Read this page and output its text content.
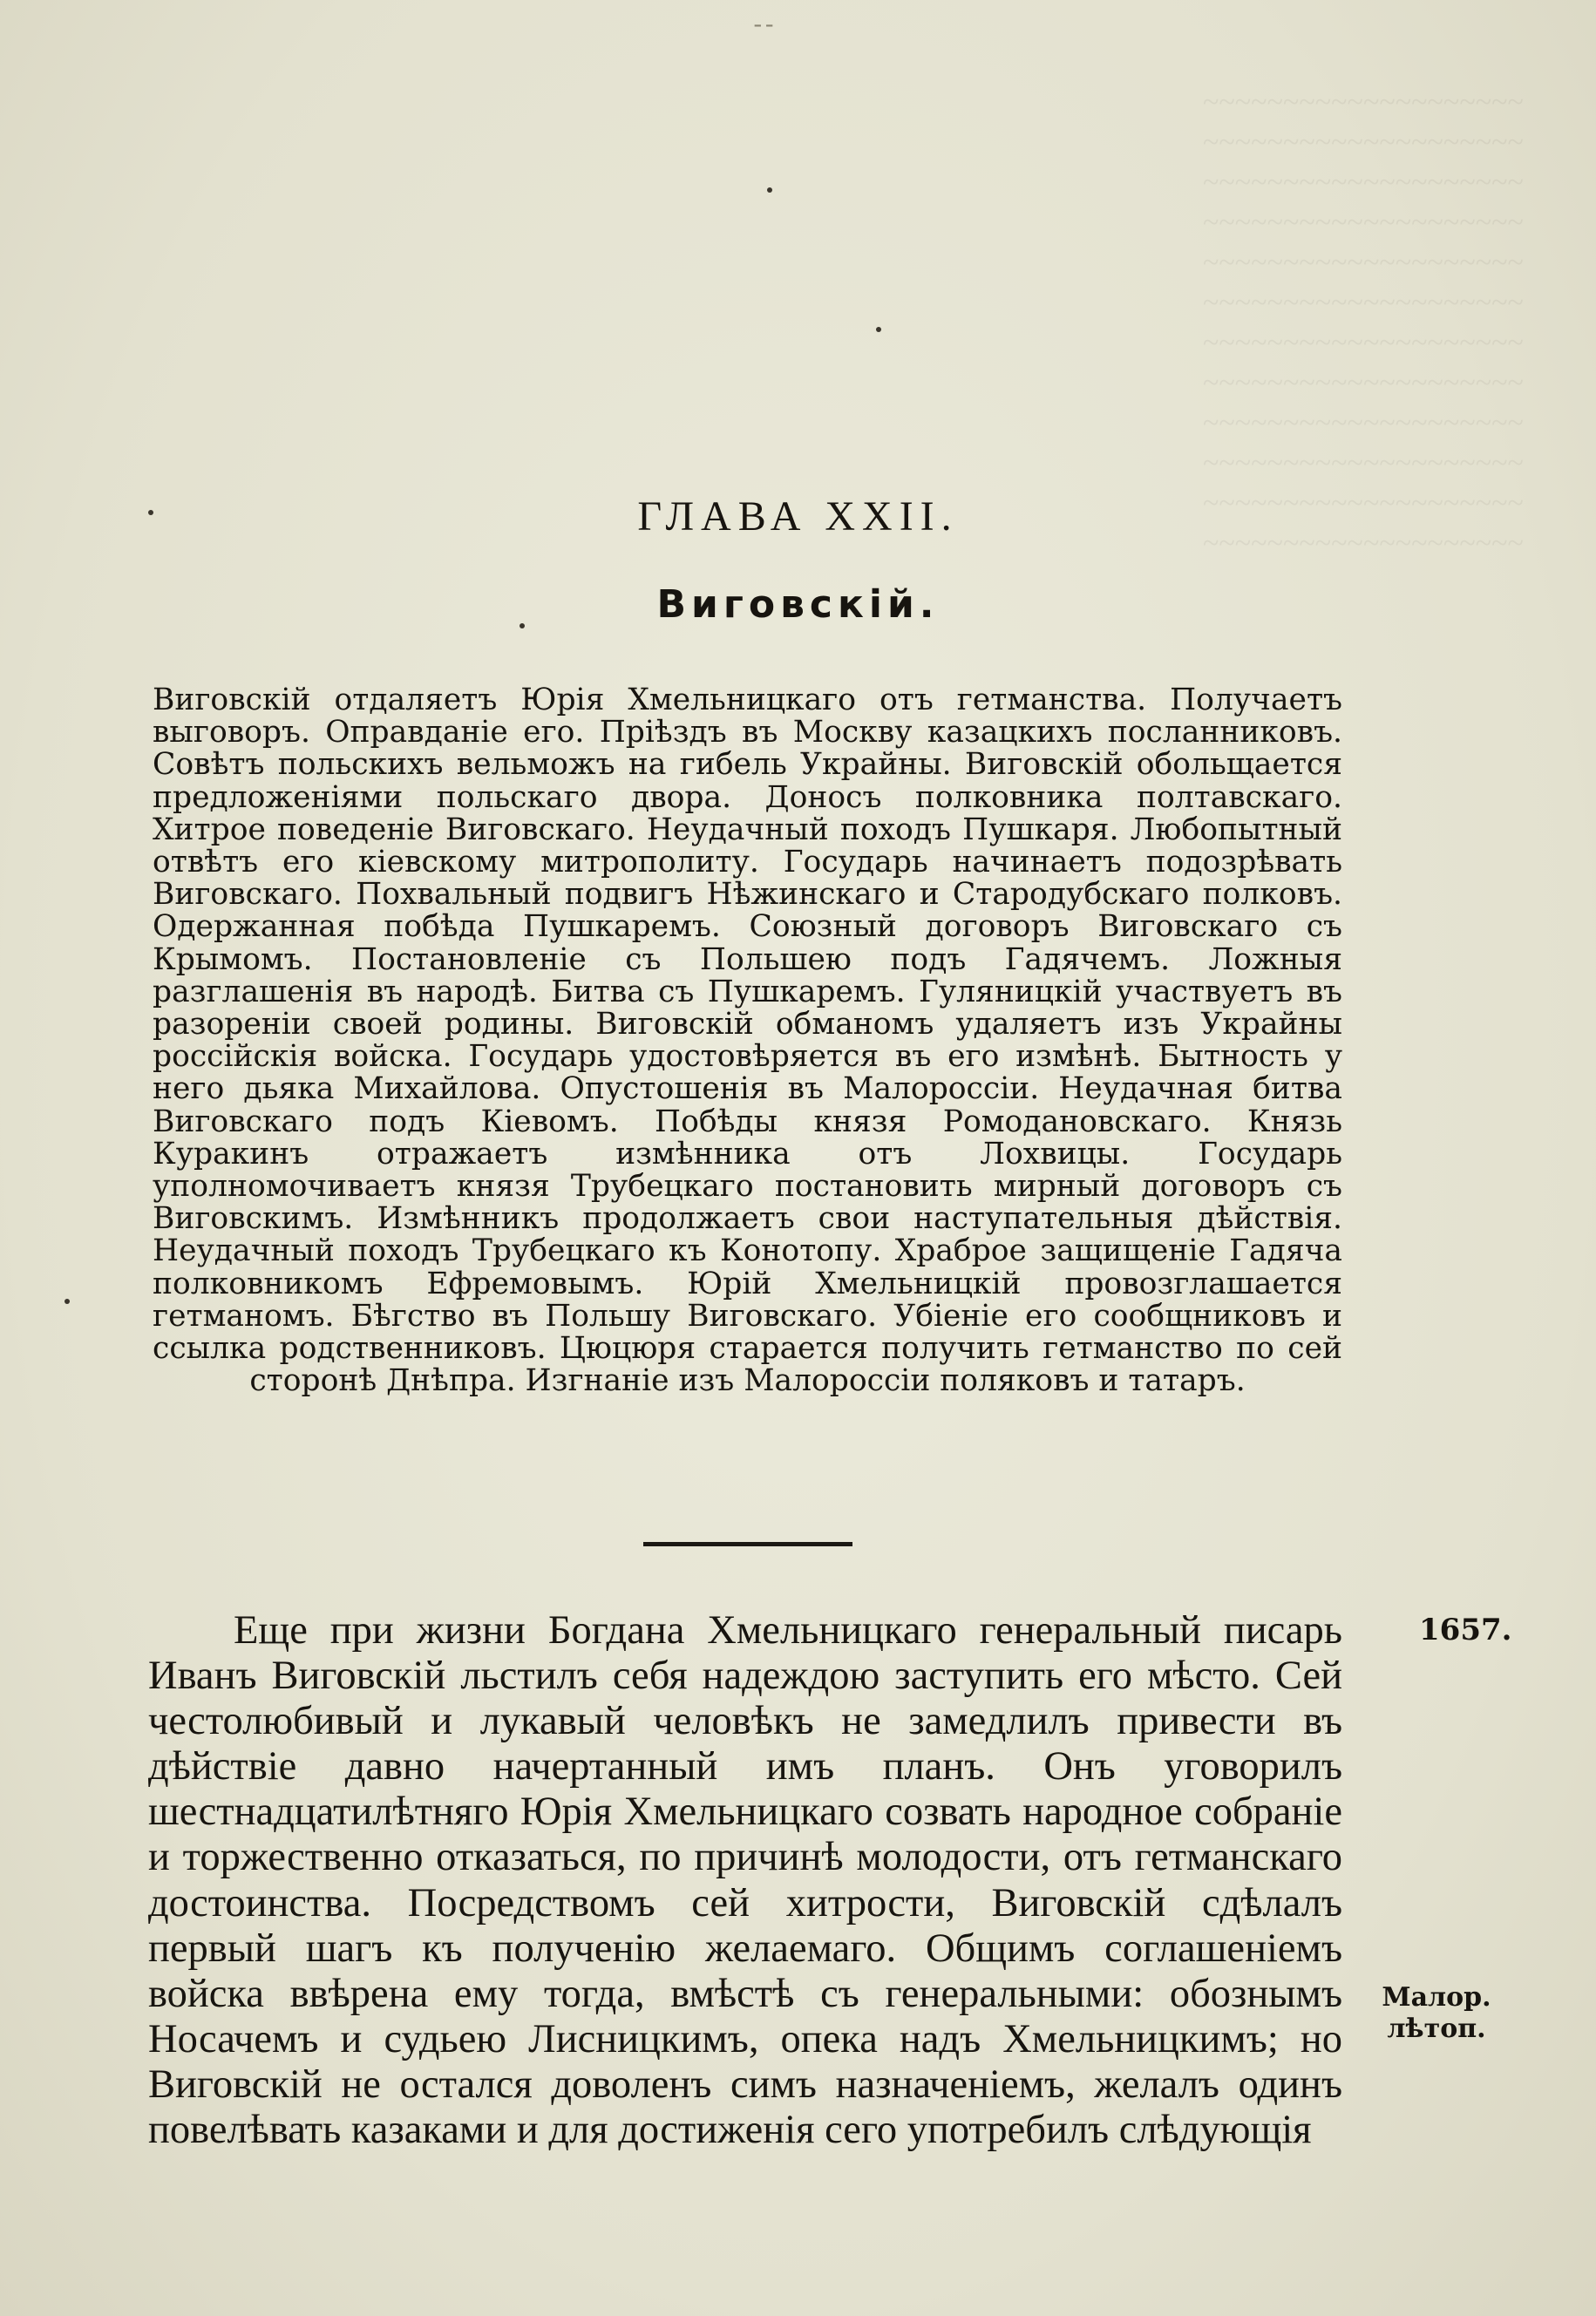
~~~~~~~~~~~~~~~~~~~~
~~~~~~~~~~~~~~~~~~~~
~~~~~~~~~~~~~~~~~~~~
~~~~~~~~~~~~~~~~~~~~
~~~~~~~~~~~~~~~~~~~~
~~~~~~~~~~~~~~~~~~~~
~~~~~~~~~~~~~~~~~~~~
~~~~~~~~~~~~~~~~~~~~
~~~~~~~~~~~~~~~~~~~~
~~~~~~~~~~~~~~~~~~~~
~~~~~~~~~~~~~~~~~~~~
~~~~~~~~~~~~~~~~~~~~
--
ГЛАВА XXII.
Виговскій.

Виговскій отдаляетъ Юрія Хмельницкаго отъ гетманства. Получаетъ выговоръ. Оправданіе его. Пріѣздъ въ Москву казацкихъ посланниковъ. Совѣтъ польскихъ вельможъ на гибель Украйны. Виговскій обольщается предложеніями польскаго двора. Доносъ полковника полтавскаго. Хитрое поведеніе Виговскаго. Неудачный походъ Пушкаря. Любопытный отвѣтъ его кіевскому митрополиту. Государь начинаетъ подозрѣвать Виговскаго. Похвальный подвигъ Нѣжинскаго и Стародубскаго полковъ. Одержанная побѣда Пушкаремъ. Союзный договоръ Виговскаго съ Крымомъ. Постановленіе съ Польшею подъ Гадячемъ. Ложныя разглашенія въ народѣ. Битва съ Пушкаремъ. Гуляницкій участвуетъ въ разореніи своей родины. Виговскій обманомъ удаляетъ изъ Украйны россійскія войска. Государь удостовѣряется въ его измѣнѣ. Бытность у него дьяка Михайлова. Опустошенія въ Малороссіи. Неудачная битва Виговскаго подъ Кіевомъ. Побѣды князя Ромодановскаго. Князь Куракинъ отражаетъ измѣнника отъ Лохвицы. Государь уполномочиваетъ князя Трубецкаго постановить мирный договоръ съ Виговскимъ. Измѣнникъ продолжаетъ свои наступательныя дѣйствія. Неудачный походъ Трубецкаго къ Конотопу. Храброе защищеніе Гадяча полковникомъ Ефремовымъ. Юрій Хмельницкій провозглашается гетманомъ. Бѣгство въ Польшу Виговскаго. Убіеніе его сообщниковъ и ссылка родственниковъ. Цюцюря старается получить гетманство по сей сторонѣ Днѣпра. Изгнаніе изъ Малороссіи поляковъ и татаръ.

Еще при жизни Богдана Хмельницкаго генеральный писарь Иванъ Виговскій льстилъ себя надеждою заступить его мѣсто. Сей честолюбивый и лукавый человѣкъ не замедлилъ привести въ дѣйствіе давно начертанный имъ планъ. Онъ уговорилъ шестнадцатилѣтняго Юрія Хмельницкаго созвать народное собраніе и торжественно отказаться, по причинѣ молодости, отъ гетманскаго достоинства. Посредствомъ сей хитрости, Виговскій сдѣлалъ первый шагъ къ полученію желаемаго. Общимъ соглашеніемъ войска ввѣрена ему тогда, вмѣстѣ съ генеральными: обознымъ Носачемъ и судьею Лисницкимъ, опека надъ Хмельницкимъ; но Виговскій не остался доволенъ симъ назначеніемъ, желалъ одинъ повелѣвать казаками и для достиженія сего употребилъ слѣдующія

1657.
Малор. лѣтоп.
